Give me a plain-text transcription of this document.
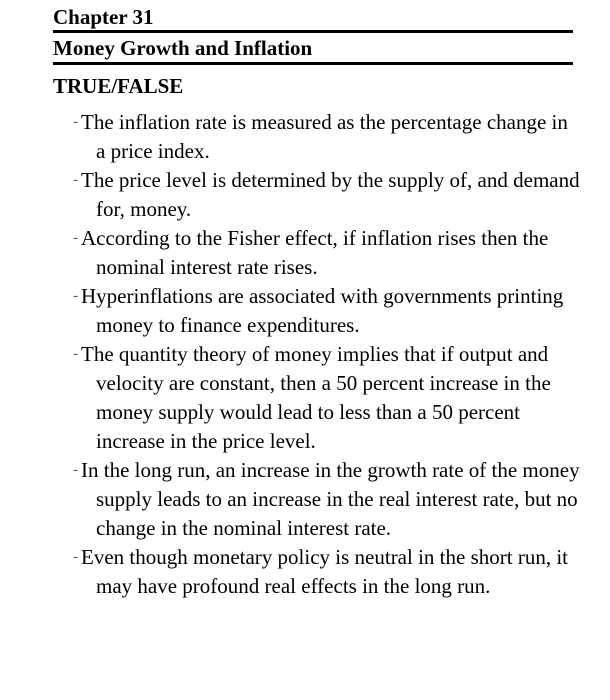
Chapter 31
Money Growth and Inflation
TRUE/FALSE
- The inflation rate is measured as the percentage change in a price index.
- The price level is determined by the supply of, and demand for, money.
- According to the Fisher effect, if inflation rises then the nominal interest rate rises.
- Hyperinflations are associated with governments printing money to finance expenditures.
- The quantity theory of money implies that if output and velocity are constant, then a 50 percent increase in the money supply would lead to less than a 50 percent increase in the price level.
- In the long run, an increase in the growth rate of the money supply leads to an increase in the real interest rate, but no change in the nominal interest rate.
- Even though monetary policy is neutral in the short run, it may have profound real effects in the long run.
